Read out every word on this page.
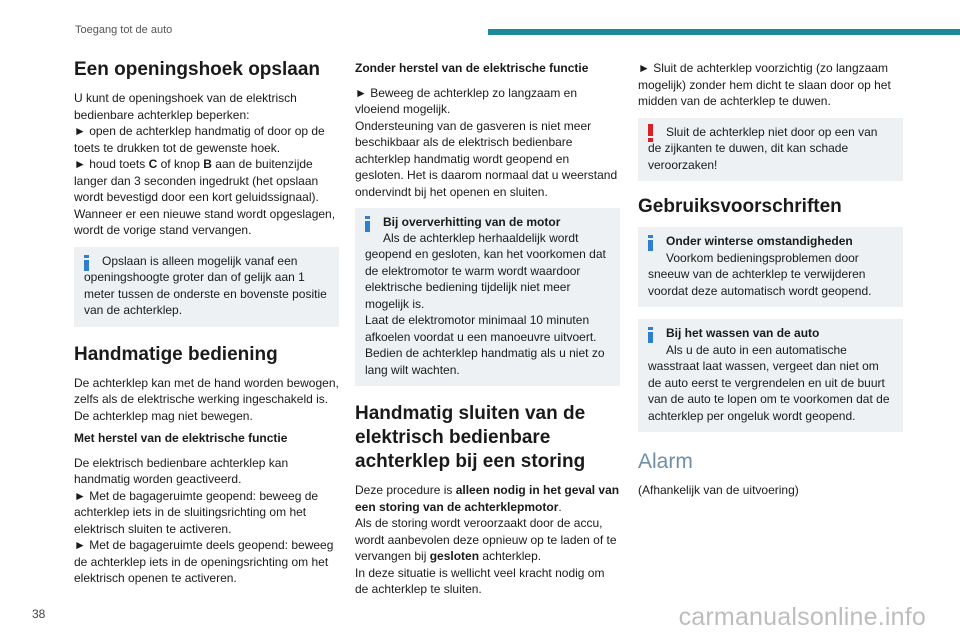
Toegang tot de auto
Een openingshoek opslaan

U kunt de openingshoek van de elektrisch bedienbare achterklep beperken:

► open de achterklep handmatig of door op de toets te drukken tot de gewenste hoek.

► houd toets C of knop B aan de buitenzijde langer dan 3 seconden ingedrukt (het opslaan wordt bevestigd door een kort geluidssignaal).

Wanneer er een nieuwe stand wordt opgeslagen, wordt de vorige stand vervangen.

Opslaan is alleen mogelijk vanaf een openingshoogte groter dan of gelijk aan 1 meter tussen de onderste en bovenste positie van de achterklep.

Handmatige bediening

De achterklep kan met de hand worden bewogen, zelfs als de elektrische werking ingeschakeld is.

De achterklep mag niet bewegen.

Met herstel van de elektrische functie

De elektrisch bedienbare achterklep kan handmatig worden geactiveerd.

► Met de bagageruimte geopend: beweeg de achterklep iets in de sluitingsrichting om het elektrisch sluiten te activeren.

► Met de bagageruimte deels geopend: beweeg de achterklep iets in de openingsrichting om het elektrisch openen te activeren.

Zonder herstel van de elektrische functie

► Beweeg de achterklep zo langzaam en vloeiend mogelijk.

Ondersteuning van de gasveren is niet meer beschikbaar als de elektrisch bedienbare achterklep handmatig wordt geopend en gesloten. Het is daarom normaal dat u weerstand ondervindt bij het openen en sluiten.

Bij oververhitting van de motor

Als de achterklep herhaaldelijk wordt geopend en gesloten, kan het voorkomen dat de elektromotor te warm wordt waardoor elektrische bediening tijdelijk niet meer mogelijk is.

Laat de elektromotor minimaal 10 minuten afkoelen voordat u een manoeuvre uitvoert.

Bedien de achterklep handmatig als u niet zo lang wilt wachten.

Handmatig sluiten van de elektrisch bedienbare achterklep bij een storing

Deze procedure is alleen nodig in het geval van een storing van de achterklepmotor.

Als de storing wordt veroorzaakt door de accu, wordt aanbevolen deze opnieuw op te laden of te vervangen bij gesloten achterklep.

In deze situatie is wellicht veel kracht nodig om de achterklep te sluiten.

► Sluit de achterklep voorzichtig (zo langzaam mogelijk) zonder hem dicht te slaan door op het midden van de achterklep te duwen.

Sluit de achterklep niet door op een van de zijkanten te duwen, dit kan schade veroorzaken!

Gebruiksvoorschriften

Onder winterse omstandigheden

Voorkom bedieningsproblemen door sneeuw van de achterklep te verwijderen voordat deze automatisch wordt geopend.

Bij het wassen van de auto

Als u de auto in een automatische wasstraat laat wassen, vergeet dan niet om de auto eerst te vergrendelen en uit de buurt van de auto te lopen om te voorkomen dat de achterklep per ongeluk wordt geopend.

Alarm

(Afhankelijk van de uitvoering)

38	carmanualsonline.info
